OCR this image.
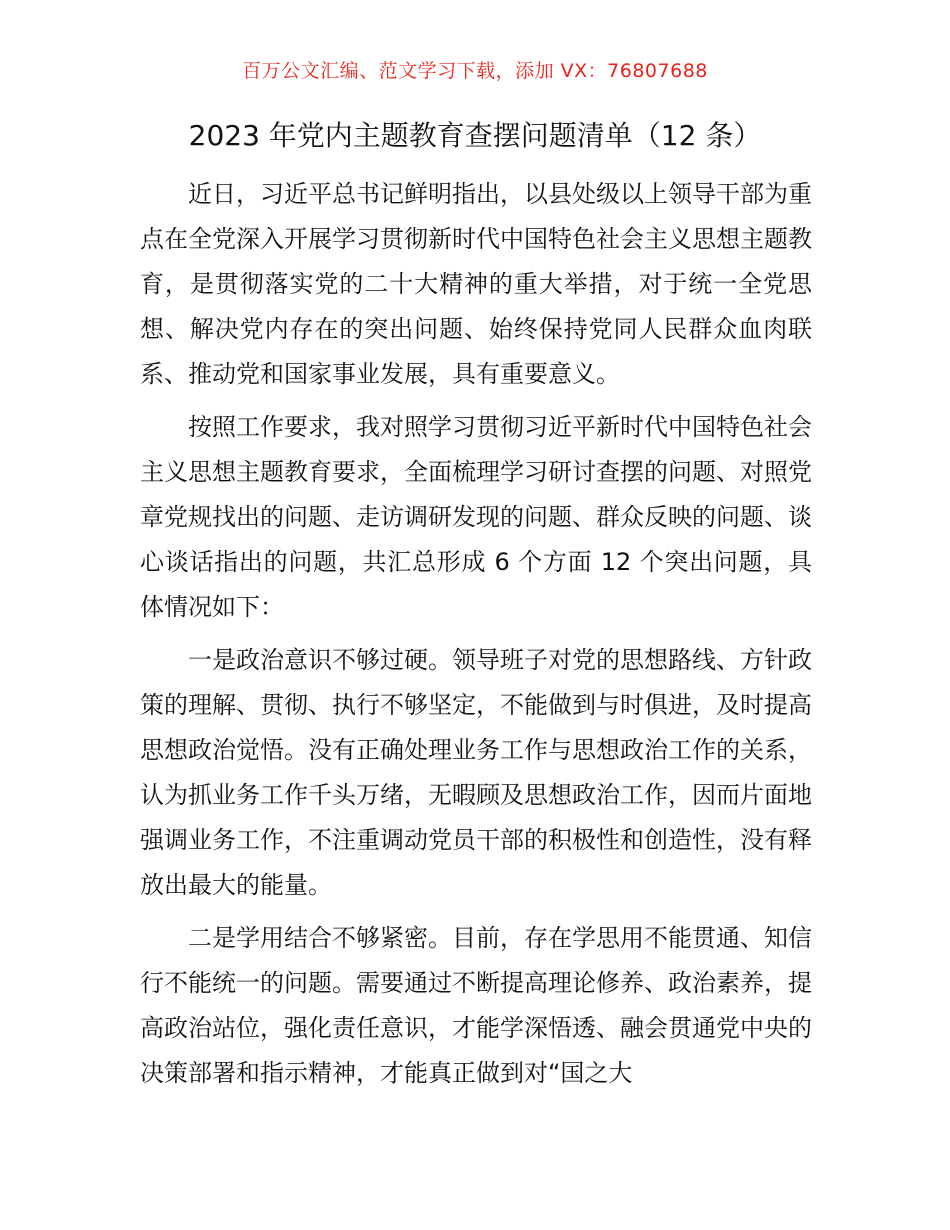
百万公文汇编、范文学习下载，添加 VX：76807688
2023 年党内主题教育查摆问题清单（12 条）

近日，习近平总书记鲜明指出，以县处级以上领导干部为重点在全党深入开展学习贯彻新时代中国特色社会主义思想主题教育，是贯彻落实党的二十大精神的重大举措，对于统一全党思想、解决党内存在的突出问题、始终保持党同人民群众血肉联系、推动党和国家事业发展，具有重要意义。

按照工作要求，我对照学习贯彻习近平新时代中国特色社会主义思想主题教育要求，全面梳理学习研讨查摆的问题、对照党章党规找出的问题、走访调研发现的问题、群众反映的问题、谈心谈话指出的问题，共汇总形成 6 个方面 12 个突出问题，具体情况如下：

一是政治意识不够过硬。领导班子对党的思想路线、方针政策的理解、贯彻、执行不够坚定，不能做到与时俱进，及时提高思想政治觉悟。没有正确处理业务工作与思想政治工作的关系，认为抓业务工作千头万绪，无暇顾及思想政治工作，因而片面地强调业务工作，不注重调动党员干部的积极性和创造性，没有释放出最大的能量。

二是学用结合不够紧密。目前，存在学思用不能贯通、知信行不能统一的问题。需要通过不断提高理论修养、政治素养，提高政治站位，强化责任意识，才能学深悟透、融会贯通党中央的决策部署和指示精神，才能真正做到对“国之大
